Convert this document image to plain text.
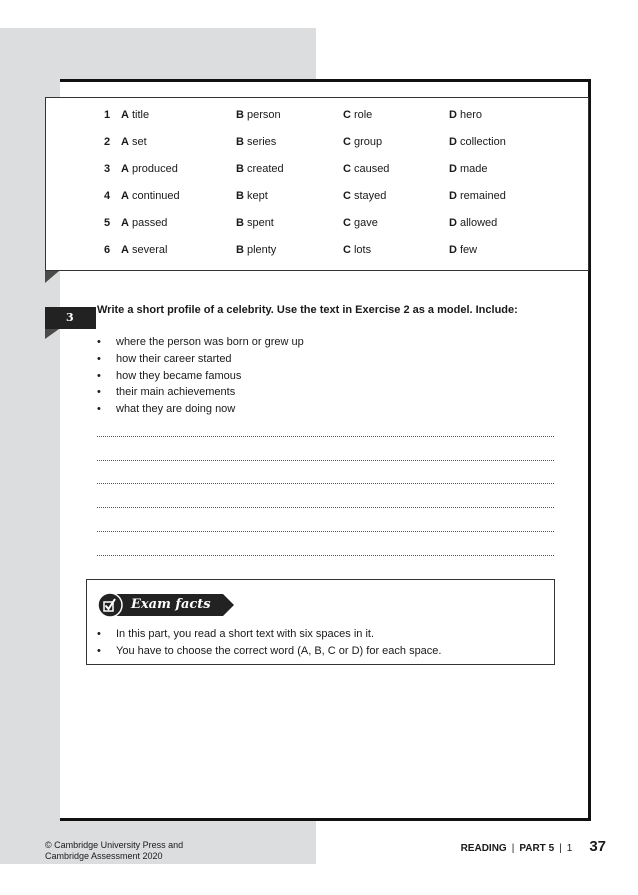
1 A title	B person	C role	D hero
2 A set	B series	C group	D collection
3 A produced	B created	C caused	D made
4 A continued	B kept	C stayed	D remained
5 A passed	B spent	C gave	D allowed
6 A several	B plenty	C lots	D few
3
Write a short profile of a celebrity. Use the text in Exercise 2 as a model. Include:
• where the person was born or grew up
• how their career started
• how they became famous
• their main achievements
• what they are doing now
Exam facts
• In this part, you read a short text with six spaces in it.
• You have to choose the correct word (A, B, C or D) for each space.
© Cambridge University Press and
Cambridge Assessment 2020
READING | PART 5 | 1 37
